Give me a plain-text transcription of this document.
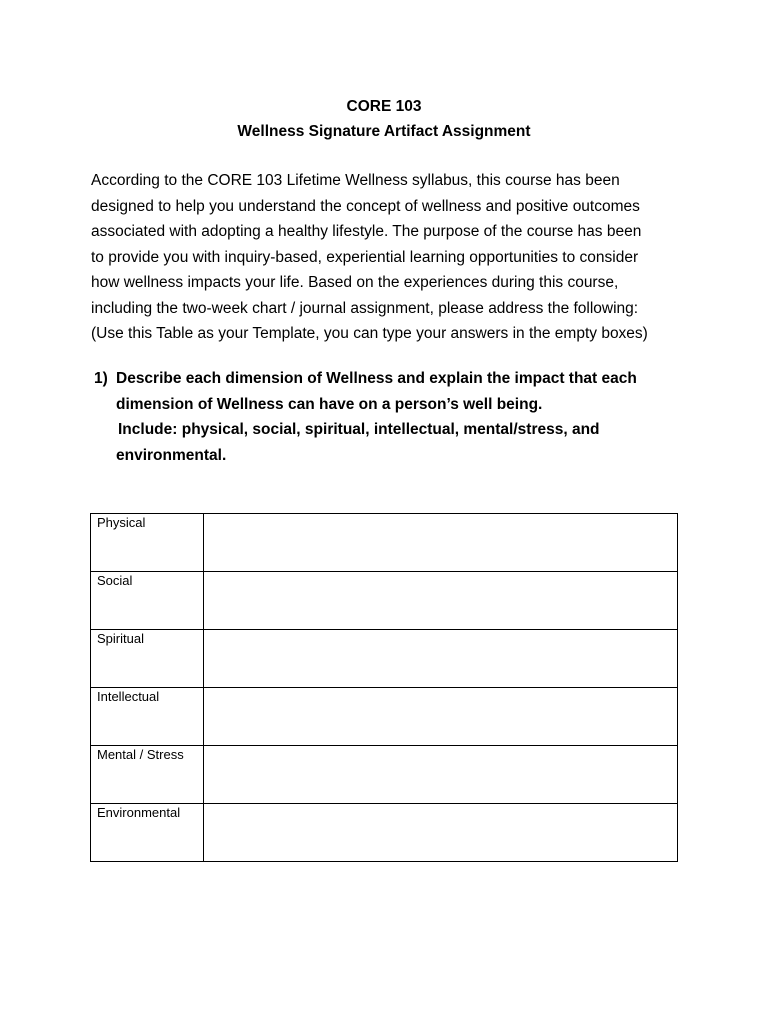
CORE 103
Wellness Signature Artifact Assignment
According to the CORE 103 Lifetime Wellness syllabus, this course has been
designed to help you understand the concept of wellness and positive outcomes
associated with adopting a healthy lifestyle. The purpose of the course has been
to provide you with inquiry-based, experiential learning opportunities to consider
how wellness impacts your life. Based on the experiences during this course,
including the two-week chart / journal assignment, please address the following:
(Use this Table as your Template, you can type your answers in the empty boxes)
1) Describe each dimension of Wellness and explain the impact that each
dimension of Wellness can have on a person’s well being.
Include: physical, social, spiritual, intellectual, mental/stress, and
environmental.
Physical	
Social	
Spiritual	
Intellectual	
Mental / Stress	
Environmental	
